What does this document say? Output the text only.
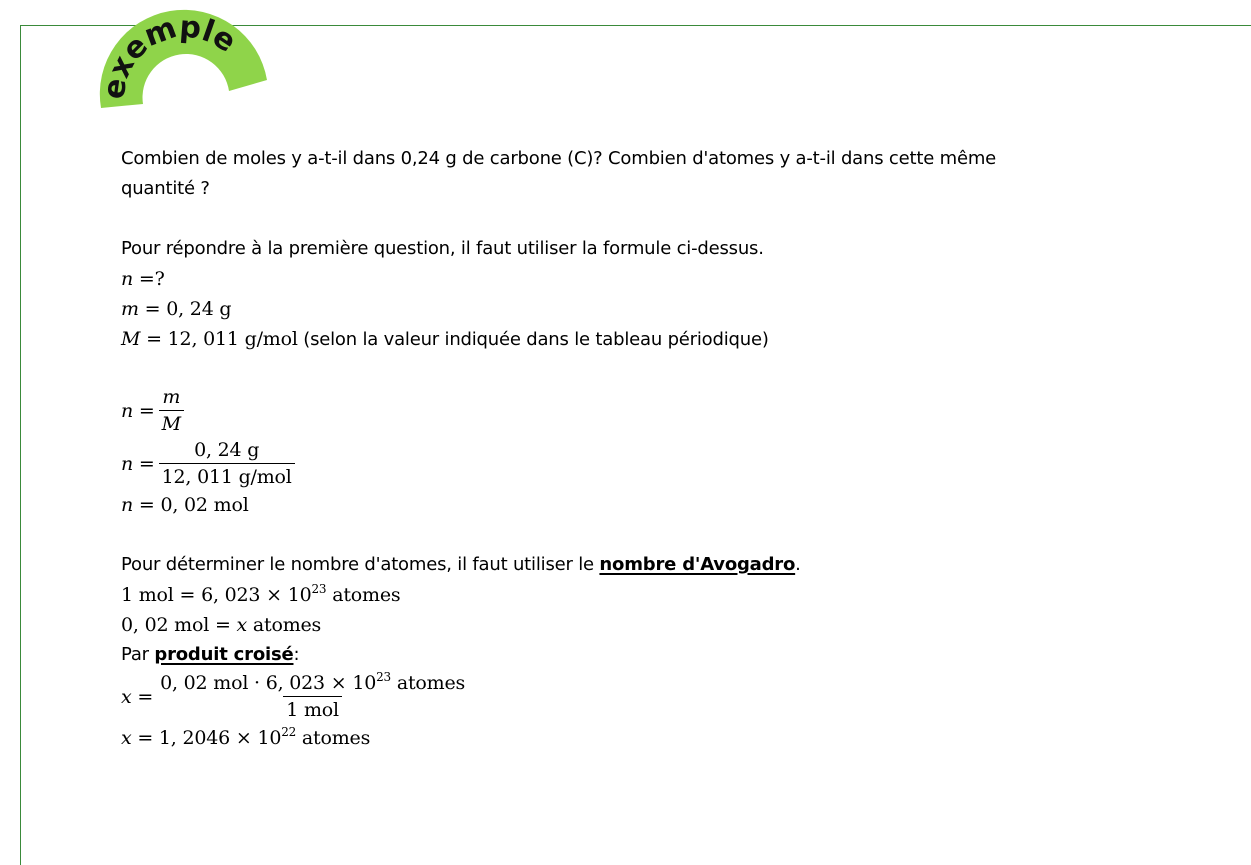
exemple
Combien de moles y a-t-il dans 0,24 g de carbone (C)? Combien d'atomes y a-t-il dans cette même
quantité ?
Pour répondre à la première question, il faut utiliser la formule ci-dessus.
n =?
m = 0, 24 g
M = 12, 011 g/mol (selon la valeur indiquée dans le tableau périodique)
$n = \frac{m}{M}$
$n = \frac{0, 24 g}{\text{12, 011 g/mol}}$
n = 0, 02 mol
Pour déterminer le nombre d'atomes, il faut utiliser le nombre d'Avogadro.
1 mol = 6, $023 \times 10^{23}$ atomes
0, 02 mol = x atomes
Par produit croisé:
$x = \frac{0, 02 mol \cdot 6, 023 \times 10^{23} atomes}{\text{1 mol}}$
x = 1, $2046 \times 10^{22}$ atomes
